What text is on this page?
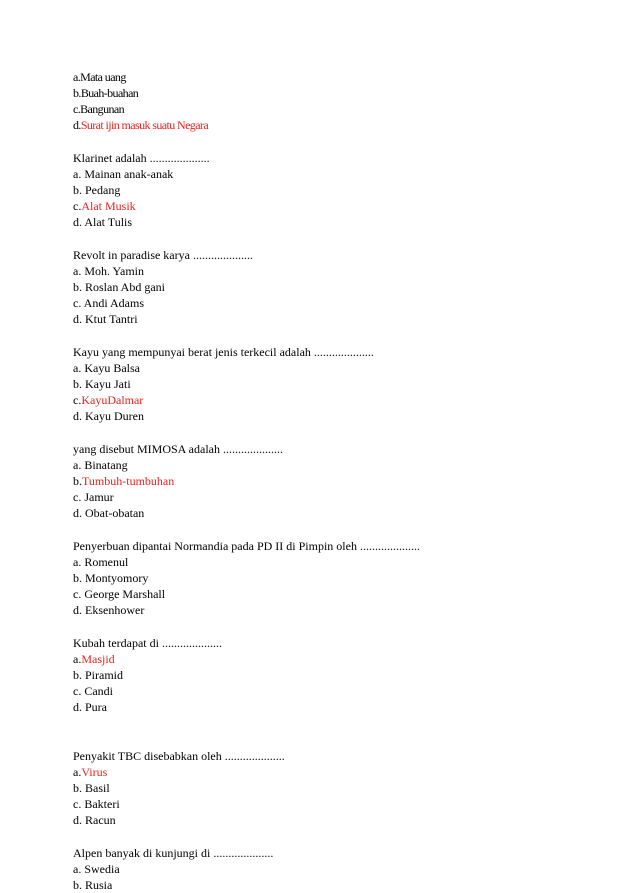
a.Mata uang
b.Buah-buahan
c.Bangunan
d.Surat ijin masuk suatu Negara
Klarinet adalah ....................
a. Mainan anak-anak
b. Pedang
c.Alat Musik
d. Alat Tulis
Revolt in paradise karya ....................
a. Moh. Yamin
b. Roslan Abd gani
c. Andi Adams
d. Ktut Tantri
Kayu yang mempunyai berat jenis terkecil adalah ....................
a. Kayu Balsa
b. Kayu Jati
c.KayuDalmar
d. Kayu Duren
yang disebut MIMOSA adalah ....................
a. Binatang
b.Tumbuh-tumbuhan
c. Jamur
d. Obat-obatan
Penyerbuan dipantai Normandia pada PD II di Pimpin oleh ....................
a. Romenul
b. Montyomory
c. George Marshall
d. Eksenhower
Kubah terdapat di ....................
a.Masjid
b. Piramid
c. Candi
d. Pura
Penyakit TBC disebabkan oleh ....................
a.Virus
b. Basil
c. Bakteri
d. Racun
Alpen banyak di kunjungi di ....................
a. Swedia
b. Rusia
